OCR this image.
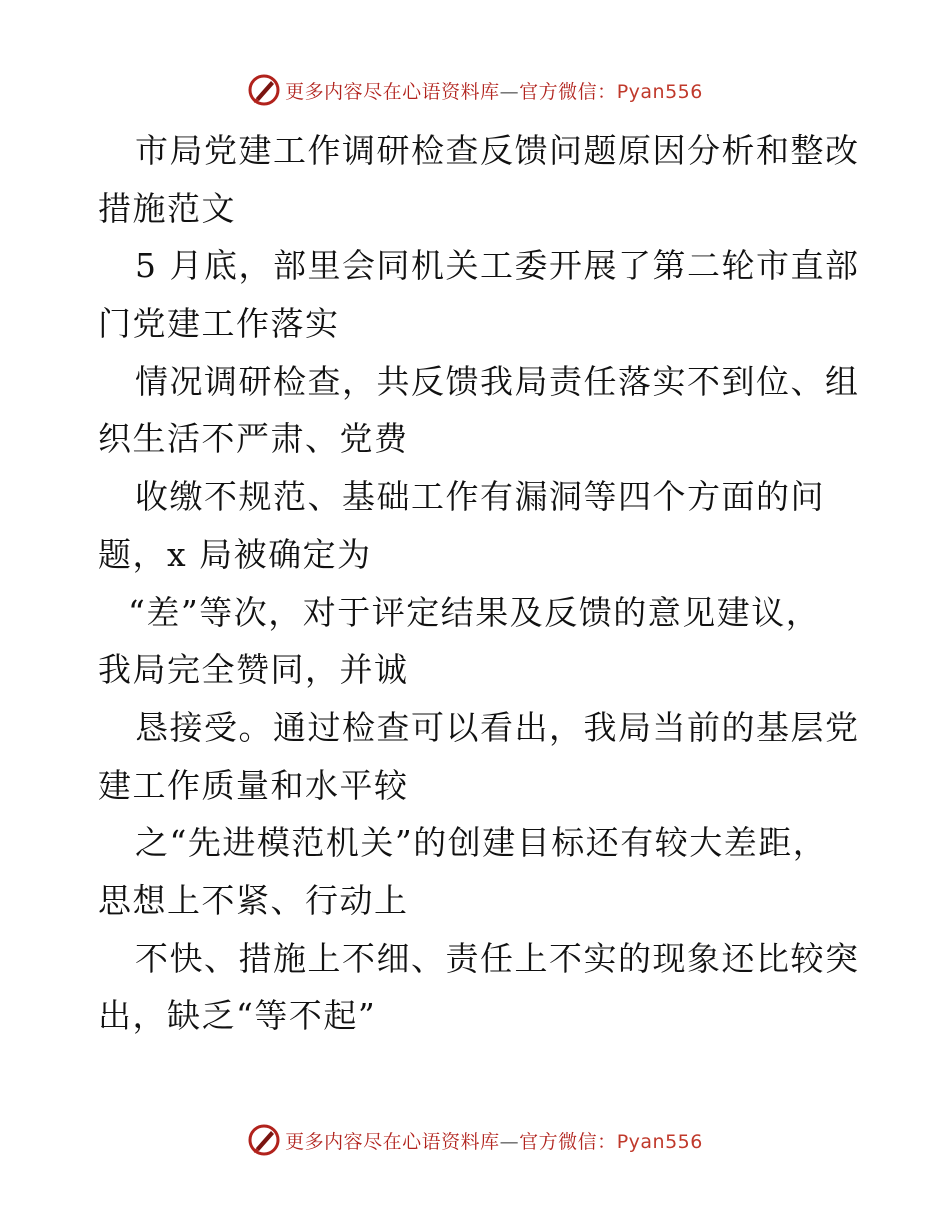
更多内容尽在心语资料库—官方微信：Pyan556
市局党建工作调研检查反馈问题原因分析和整改
措施范文
5 月底，部里会同机关工委开展了第二轮市直部
门党建工作落实
情况调研检查，共反馈我局责任落实不到位、组
织生活不严肃、党费
收缴不规范、基础工作有漏洞等四个方面的问
题，x 局被确定为
“差”等次，对于评定结果及反馈的意见建议，
我局完全赞同，并诚
恳接受。通过检查可以看出，我局当前的基层党
建工作质量和水平较
之“先进模范机关”的创建目标还有较大差距，
思想上不紧、行动上
不快、措施上不细、责任上不实的现象还比较突
出，缺乏“等不起”
更多内容尽在心语资料库—官方微信：Pyan556
